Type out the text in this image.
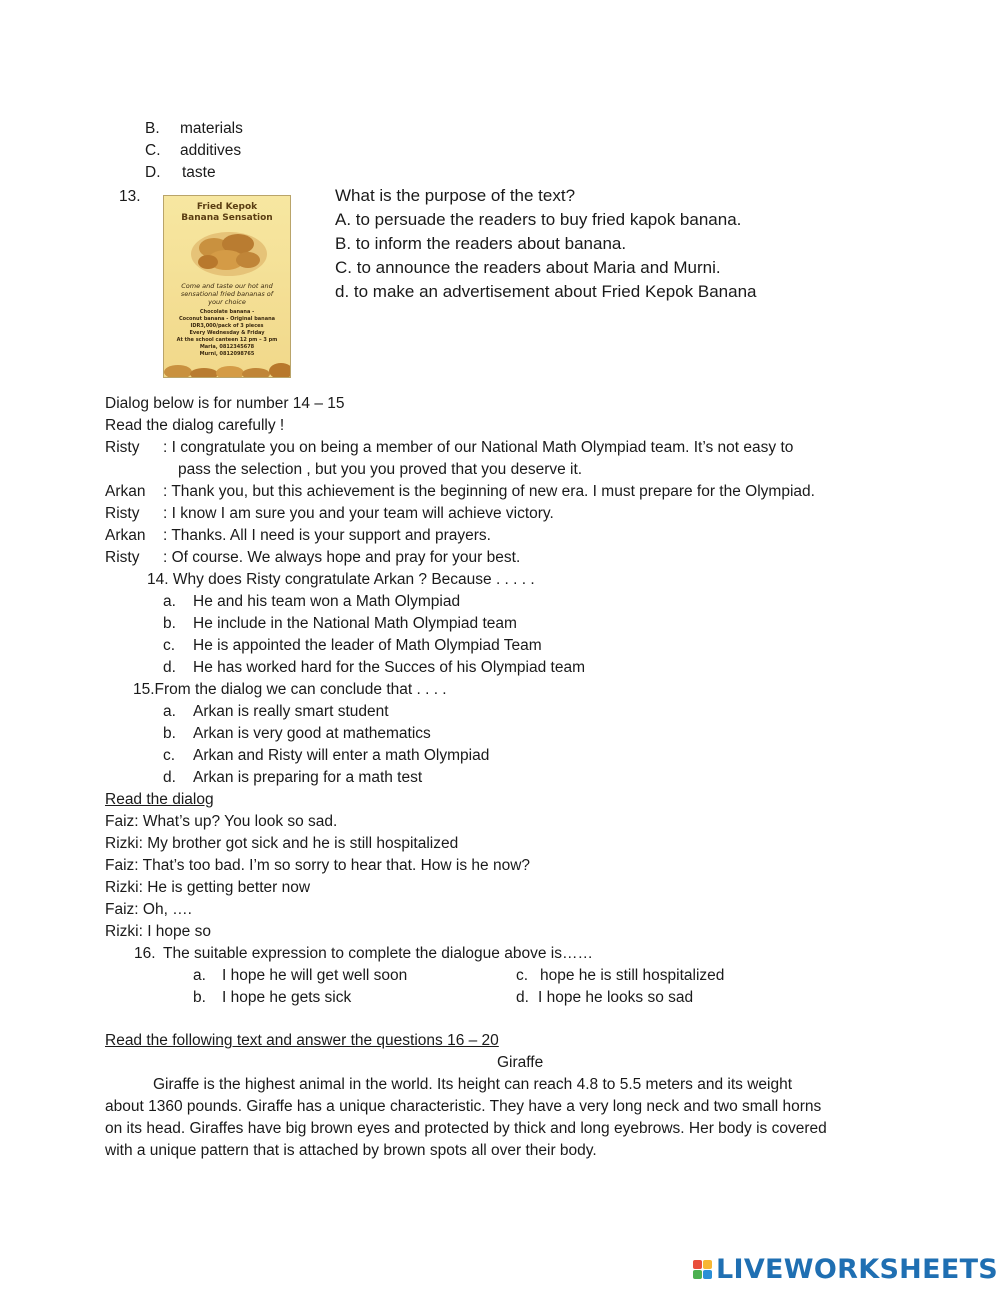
B. materials
C. additives
D. taste
13.
Fried Kepok
Banana Sensation
Come and taste our hot and
sensational fried bananas of
your choice
Chocolate banana -
Coconut banana - Original banana
IDR3,000/pack of 3 pieces
Every Wednesday & Friday
At the school canteen 12 pm – 3 pm
Maria, 0812345678
Murni, 0812098765
What is the purpose of the text?
A. to persuade the readers to buy fried kapok banana.
B. to inform the readers about banana.
C. to announce the readers about Maria and Murni.
d. to make an advertisement about Fried Kepok Banana
Dialog below is for number 14 – 15
Read the dialog carefully !
Risty : I congratulate you on being a member of our National Math Olympiad team. It’s not easy to
pass the selection , but you you proved that you deserve it.
Arkan : Thank you, but this achievement is the beginning of new era. I must prepare for the Olympiad.
Risty : I know I am sure you and your team will achieve victory.
Arkan : Thanks. All I need is your support and prayers.
Risty : Of course. We always hope and pray for your best.
14. Why does Risty congratulate Arkan ? Because . . . . .
a. He and his team won a Math Olympiad
b. He include in the National Math Olympiad team
c. He is appointed the leader of Math Olympiad Team
d. He has worked hard for the Succes of his Olympiad team
15.From the dialog we can conclude that . . . .
a. Arkan is really smart student
b. Arkan is very good at mathematics
c. Arkan and Risty will enter a math Olympiad
d. Arkan is preparing for a math test
Read the dialog
Faiz: What’s up? You look so sad.
Rizki: My brother got sick and he is still hospitalized
Faiz: That’s too bad. I’m so sorry to hear that. How is he now?
Rizki: He is getting better now
Faiz: Oh, ….
Rizki: I hope so
16. The suitable expression to complete the dialogue above is……
a. I hope he will get well soon
b. I hope he gets sick
c. hope he is still hospitalized
d. I hope he looks so sad
Read the following text and answer the questions 16 – 20
Giraffe
Giraffe is the highest animal in the world. Its height can reach 4.8 to 5.5 meters and its weight
about 1360 pounds. Giraffe has a unique characteristic. They have a very long neck and two small horns
on its head. Giraffes have big brown eyes and protected by thick and long eyebrows. Her body is covered
with a unique pattern that is attached by brown spots all over their body.
LIVEWORKSHEETS
